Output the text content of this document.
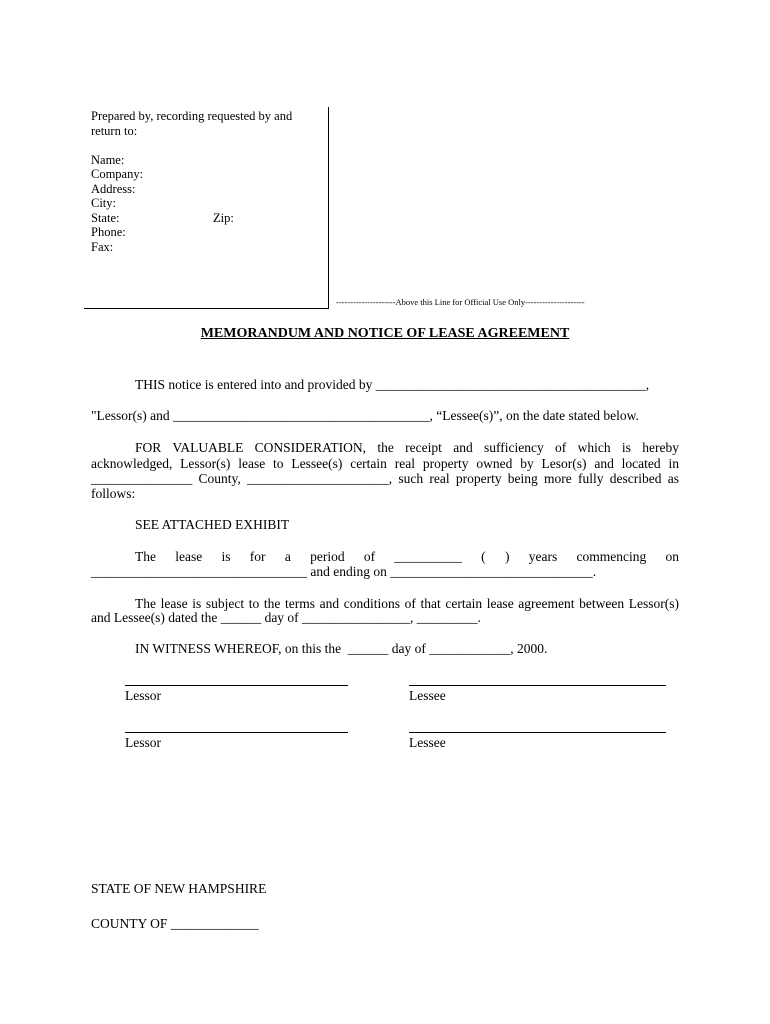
Prepared by, recording requested by and
return to:
Name:
Company:
Address:
City:
State:	Zip:
Phone:
Fax:
---------------------Above this Line for Official Use Only---------------------
MEMORANDUM AND NOTICE OF LEASE AGREEMENT
THIS notice is entered into and provided by ________________________________________,
"Lessor(s) and ______________________________________, “Lessee(s)”, on the date stated below.
FOR VALUABLE CONSIDERATION, the receipt and sufficiency of which is hereby
acknowledged, Lessor(s) lease to Lessee(s) certain real property owned by Lesor(s) and located in
_______________ County, _____________________, such real property being more fully described as
follows:
SEE ATTACHED EXHIBIT
The lease is for a period of __________ ( ) years commencing on
________________________________ and ending on ______________________________.
The lease is subject to the terms and conditions of that certain lease agreement between Lessor(s)
and Lessee(s) dated the ______ day of ________________, _________.
IN WITNESS WHEREOF, on this the  ______ day of ____________, 2000.
Lessor	Lessee
Lessor	Lessee
STATE OF NEW HAMPSHIRE
COUNTY OF _____________
